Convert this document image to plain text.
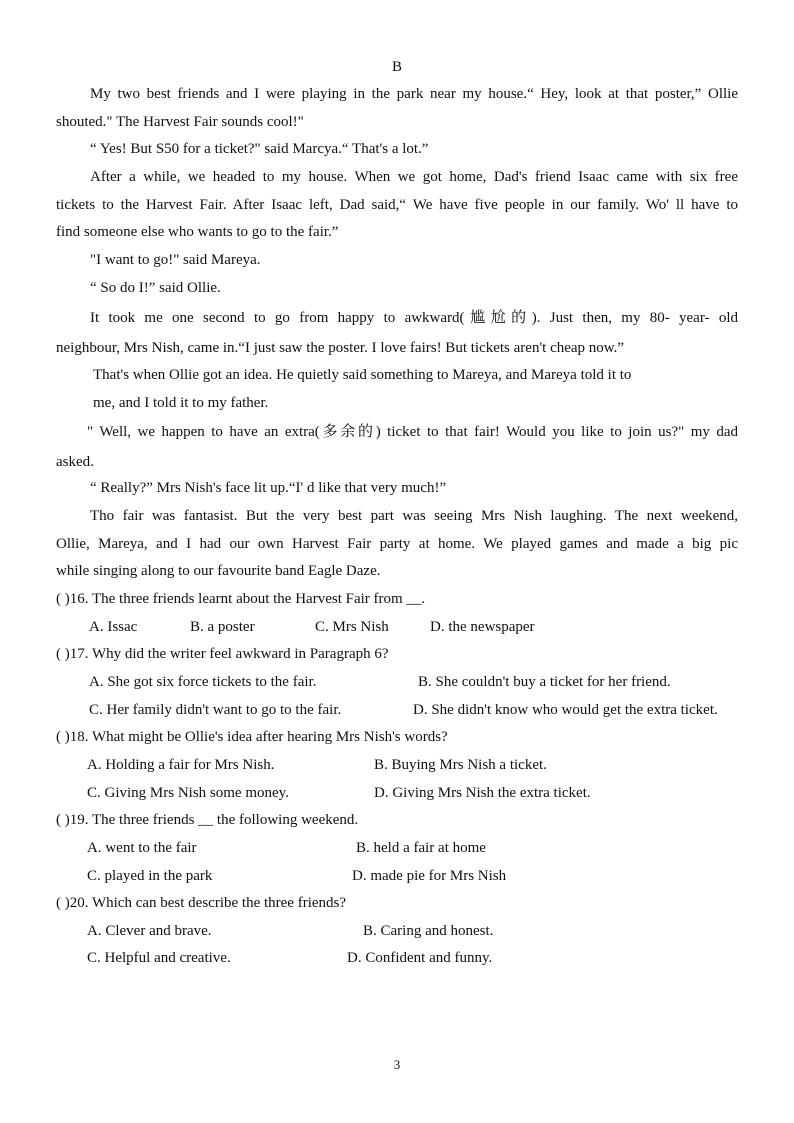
B
My two best friends and I were playing in the park near my house.“ Hey, look at that poster,” Ollie
shouted." The Harvest Fair sounds cool!"
“ Yes! But S50 for a ticket?" said Marcya.“ That's a lot.”
After a while, we headed to my house. When we got home, Dad's friend Isaac came with six free
tickets to the Harvest Fair. After Isaac left, Dad said,“ We have five people in our family. Wo' ll have to
find someone else who wants to go to the fair.”
"I want to go!" said Mareya.
“ So do I!” said Ollie.
It took me one second to go from happy to awkward(尴尬的). Just then, my 80- year- old
neighbour, Mrs Nish, came in.“I just saw the poster. I love fairs! But tickets aren't cheap now.”
That's when Ollie got an idea. He quietly said something to Mareya, and Mareya told it to
me, and I told it to my father.
" Well, we happen to have an extra(多余的) ticket to that fair! Would you like to join us?" my dad
asked.
“ Really?” Mrs Nish's face lit up.“I' d like that very much!”
Tho fair was fantasist. But the very best part was seeing Mrs Nish laughing. The next weekend,
Ollie, Mareya, and I had our own Harvest Fair party at home. We played games and made a big pic
while singing along to our favourite band Eagle Daze.
( )16. The three friends learnt about the Harvest Fair from __.
A. Issac	B. a poster	C. Mrs Nish	D. the newspaper
( )17. Why did the writer feel awkward in Paragraph 6?
A. She got six force tickets to the fair.	B. She couldn't buy a ticket for her friend.
C. Her family didn't want to go to the fair.	D. She didn't know who would get the extra ticket.
( )18. What might be Ollie's idea after hearing Mrs Nish's words?
A. Holding a fair for Mrs Nish.	B. Buying Mrs Nish a ticket.
C. Giving Mrs Nish some money.	D. Giving Mrs Nish the extra ticket.
( )19. The three friends __ the following weekend.
A. went to the fair	B. held a fair at home
C. played in the park	D. made pie for Mrs Nish
( )20. Which can best describe the three friends?
A. Clever and brave.	B. Caring and honest.
C. Helpful and creative.	D. Confident and funny.
3
